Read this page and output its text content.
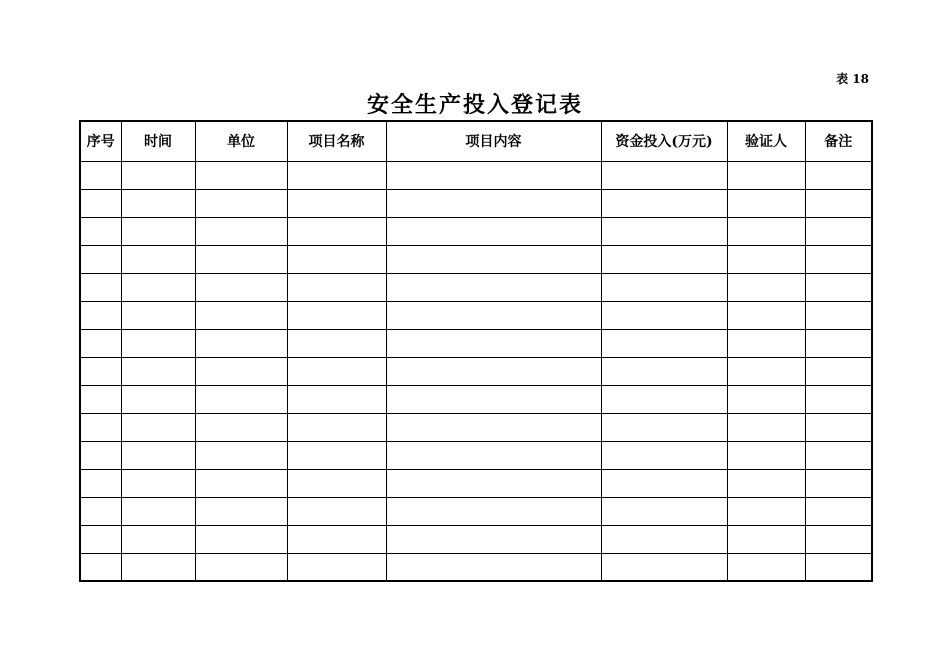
表 18
安全生产投入登记表
序号	时间	单位	项目名称	项目内容	资金投入(万元)	验证人	备注
